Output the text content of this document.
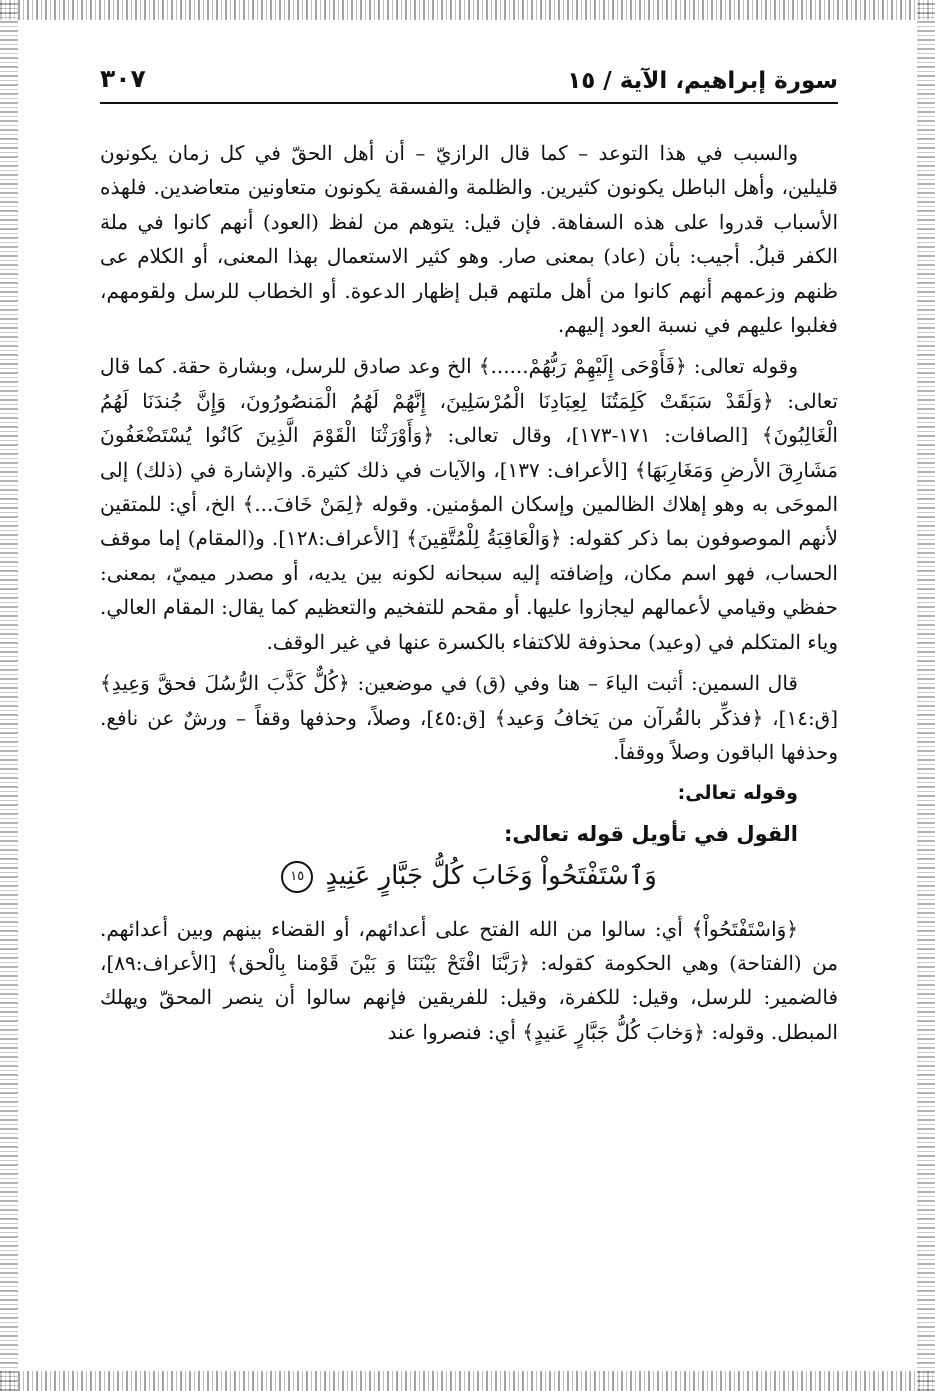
سورة إبراهيم، الآية / ١٥
٣٠٧

والسبب في هذا التوعد – كما قال الرازيّ – أن أهل الحقّ في كل زمان يكونون قليلين، وأهل الباطل يكونون كثيرين. والظلمة والفسقة يكونون متعاونين متعاضدين. فلهذه الأسباب قدروا على هذه السفاهة. فإن قيل: يتوهم من لفظ (العود) أنهم كانوا في ملة الكفر قبلُ. أجيب: بأن (عاد) بمعنى صار. وهو كثير الاستعمال بهذا المعنى، أو الكلام عى ظنهم وزعمهم أنهم كانوا من أهل ملتهم قبل إظهار الدعوة. أو الخطاب للرسل ولقومهم، فغلبوا عليهم في نسبة العود إليهم.

وقوله تعالى: ﴿فَأَوْحَى إِلَيْهِمْ رَبُّهُمْ......﴾ الخ وعد صادق للرسل، وبشارة حقة. كما قال تعالى: ﴿وَلَقَدْ سَبَقَتْ كَلِمَتُنَا لِعِبَادِنَا الْمُرْسَلِينَ، إِنَّهُمْ لَهُمُ الْمَنصُورُونَ، وَإِنَّ جُندَنَا لَهُمُ الْغَالِبُونَ﴾ [الصافات: ١٧١-١٧٣]، وقال تعالى: ﴿وَأَوْرَثْنَا الْقَوْمَ الَّذِينَ كَانُوا يُسْتَضْعَفُونَ مَشَارِقَ الأرضِ وَمَغَارِبَهَا﴾ [الأعراف: ١٣٧]، والآيات في ذلك كثيرة. والإشارة في (ذلك) إلى الموحَى به وهو إهلاك الظالمين وإسكان المؤمنين. وقوله ﴿لِمَنْ خَافَ...﴾ الخ، أي: للمتقين لأنهم الموصوفون بما ذكر كقوله: ﴿وَالْعَاقِبَةُ لِلْمُتَّقِينَ﴾ [الأعراف:١٢٨]. و(المقام) إما موقف الحساب، فهو اسم مكان، وإضافته إليه سبحانه لكونه بين يديه، أو مصدر ميميّ، بمعنى: حفظي وقيامي لأعمالهم ليجازوا عليها. أو مقحم للتفخيم والتعظيم كما يقال: المقام العالي. وياء المتكلم في (وعيد) محذوفة للاكتفاء بالكسرة عنها في غير الوقف.

قال السمين: أثبت الياءَ – هنا وفي (ق) في موضعين: ﴿كُلٌّ كَذَّبَ الرُّسُلَ فحقَّ وَعِيدِ﴾ [ق:١٤]، ﴿فذكِّر بالقُرآن من يَخافُ وَعيد﴾ [ق:٤٥]، وصلاً، وحذفها وقفاً – ورشٌ عن نافع. وحذفها الباقون وصلاً ووقفاً.

وقوله تعالى:

القول في تأويل قوله تعالى:

وَٱسْتَفْتَحُواْ وَخَابَ كُلُّ جَبَّارٍ عَنِيدٍ ١٥

﴿وَاسْتَفْتَحُواْ﴾ أي: سالوا من الله الفتح على أعدائهم، أو القضاء بينهم وبين أعدائهم. من (الفتاحة) وهي الحكومة كقوله: ﴿رَبَّنَا افْتَحْ بَيْنَنَا وَ بَيْنَ قَوْمنا بِالْحق﴾ [الأعراف:٨٩]، فالضمير: للرسل، وقيل: للكفرة، وقيل: للفريقين فإنهم سالوا أن ينصر المحقّ ويهلك المبطل. وقوله: ﴿وَخابَ كُلُّ جَبَّارٍ عَنيدٍ﴾ أي: فنصروا عند
